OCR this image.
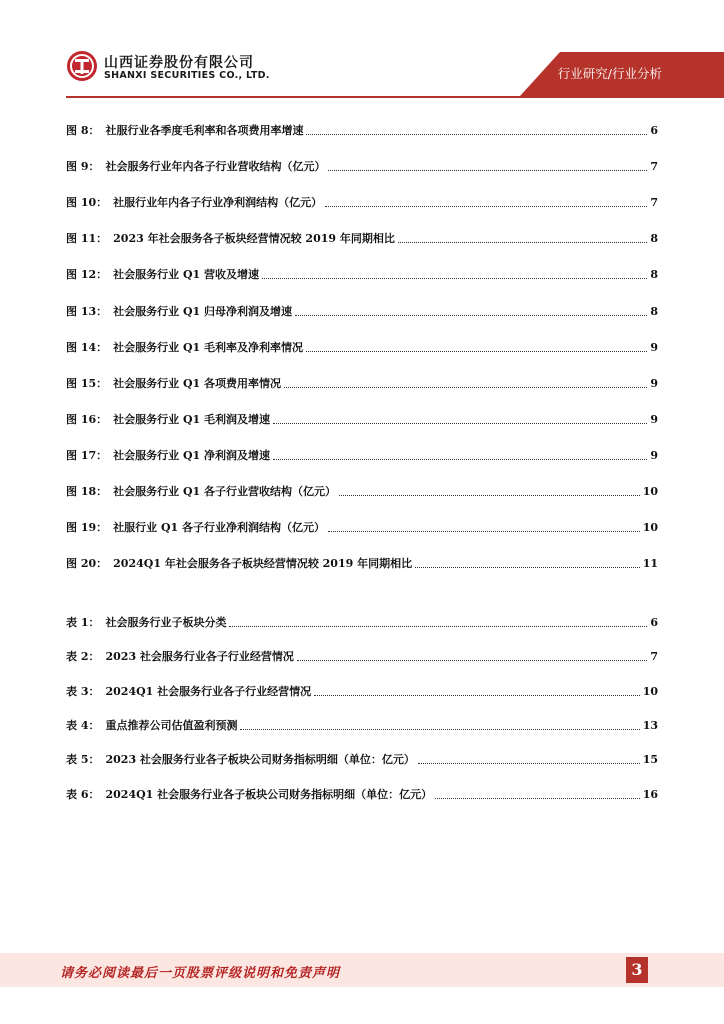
山西证券股份有限公司
SHANXI SECURITIES CO., LTD.	行业研究/行业分析
图 8： 社服行业各季度毛利率和各项费用率增速	6
图 9： 社会服务行业年内各子行业营收结构（亿元）	7
图 10： 社服行业年内各子行业净利润结构（亿元）	7
图 11： 2023 年社会服务各子板块经营情况较 2019 年同期相比	8
图 12： 社会服务行业 Q1 营收及增速	8
图 13： 社会服务行业 Q1 归母净利润及增速	8
图 14： 社会服务行业 Q1 毛利率及净利率情况	9
图 15： 社会服务行业 Q1 各项费用率情况	9
图 16： 社会服务行业 Q1 毛利润及增速	9
图 17： 社会服务行业 Q1 净利润及增速	9
图 18： 社会服务行业 Q1 各子行业营收结构（亿元）	10
图 19： 社服行业 Q1 各子行业净利润结构（亿元）	10
图 20： 2024Q1 年社会服务各子板块经营情况较 2019 年同期相比	11
表 1： 社会服务行业子板块分类	6
表 2： 2023 社会服务行业各子行业经营情况	7
表 3： 2024Q1 社会服务行业各子行业经营情况	10
表 4： 重点推荐公司估值盈利预测	13
表 5： 2023 社会服务行业各子板块公司财务指标明细（单位：亿元）	15
表 6： 2024Q1 社会服务行业各子板块公司财务指标明细（单位：亿元）	16
请务必阅读最后一页股票评级说明和免责声明	3
